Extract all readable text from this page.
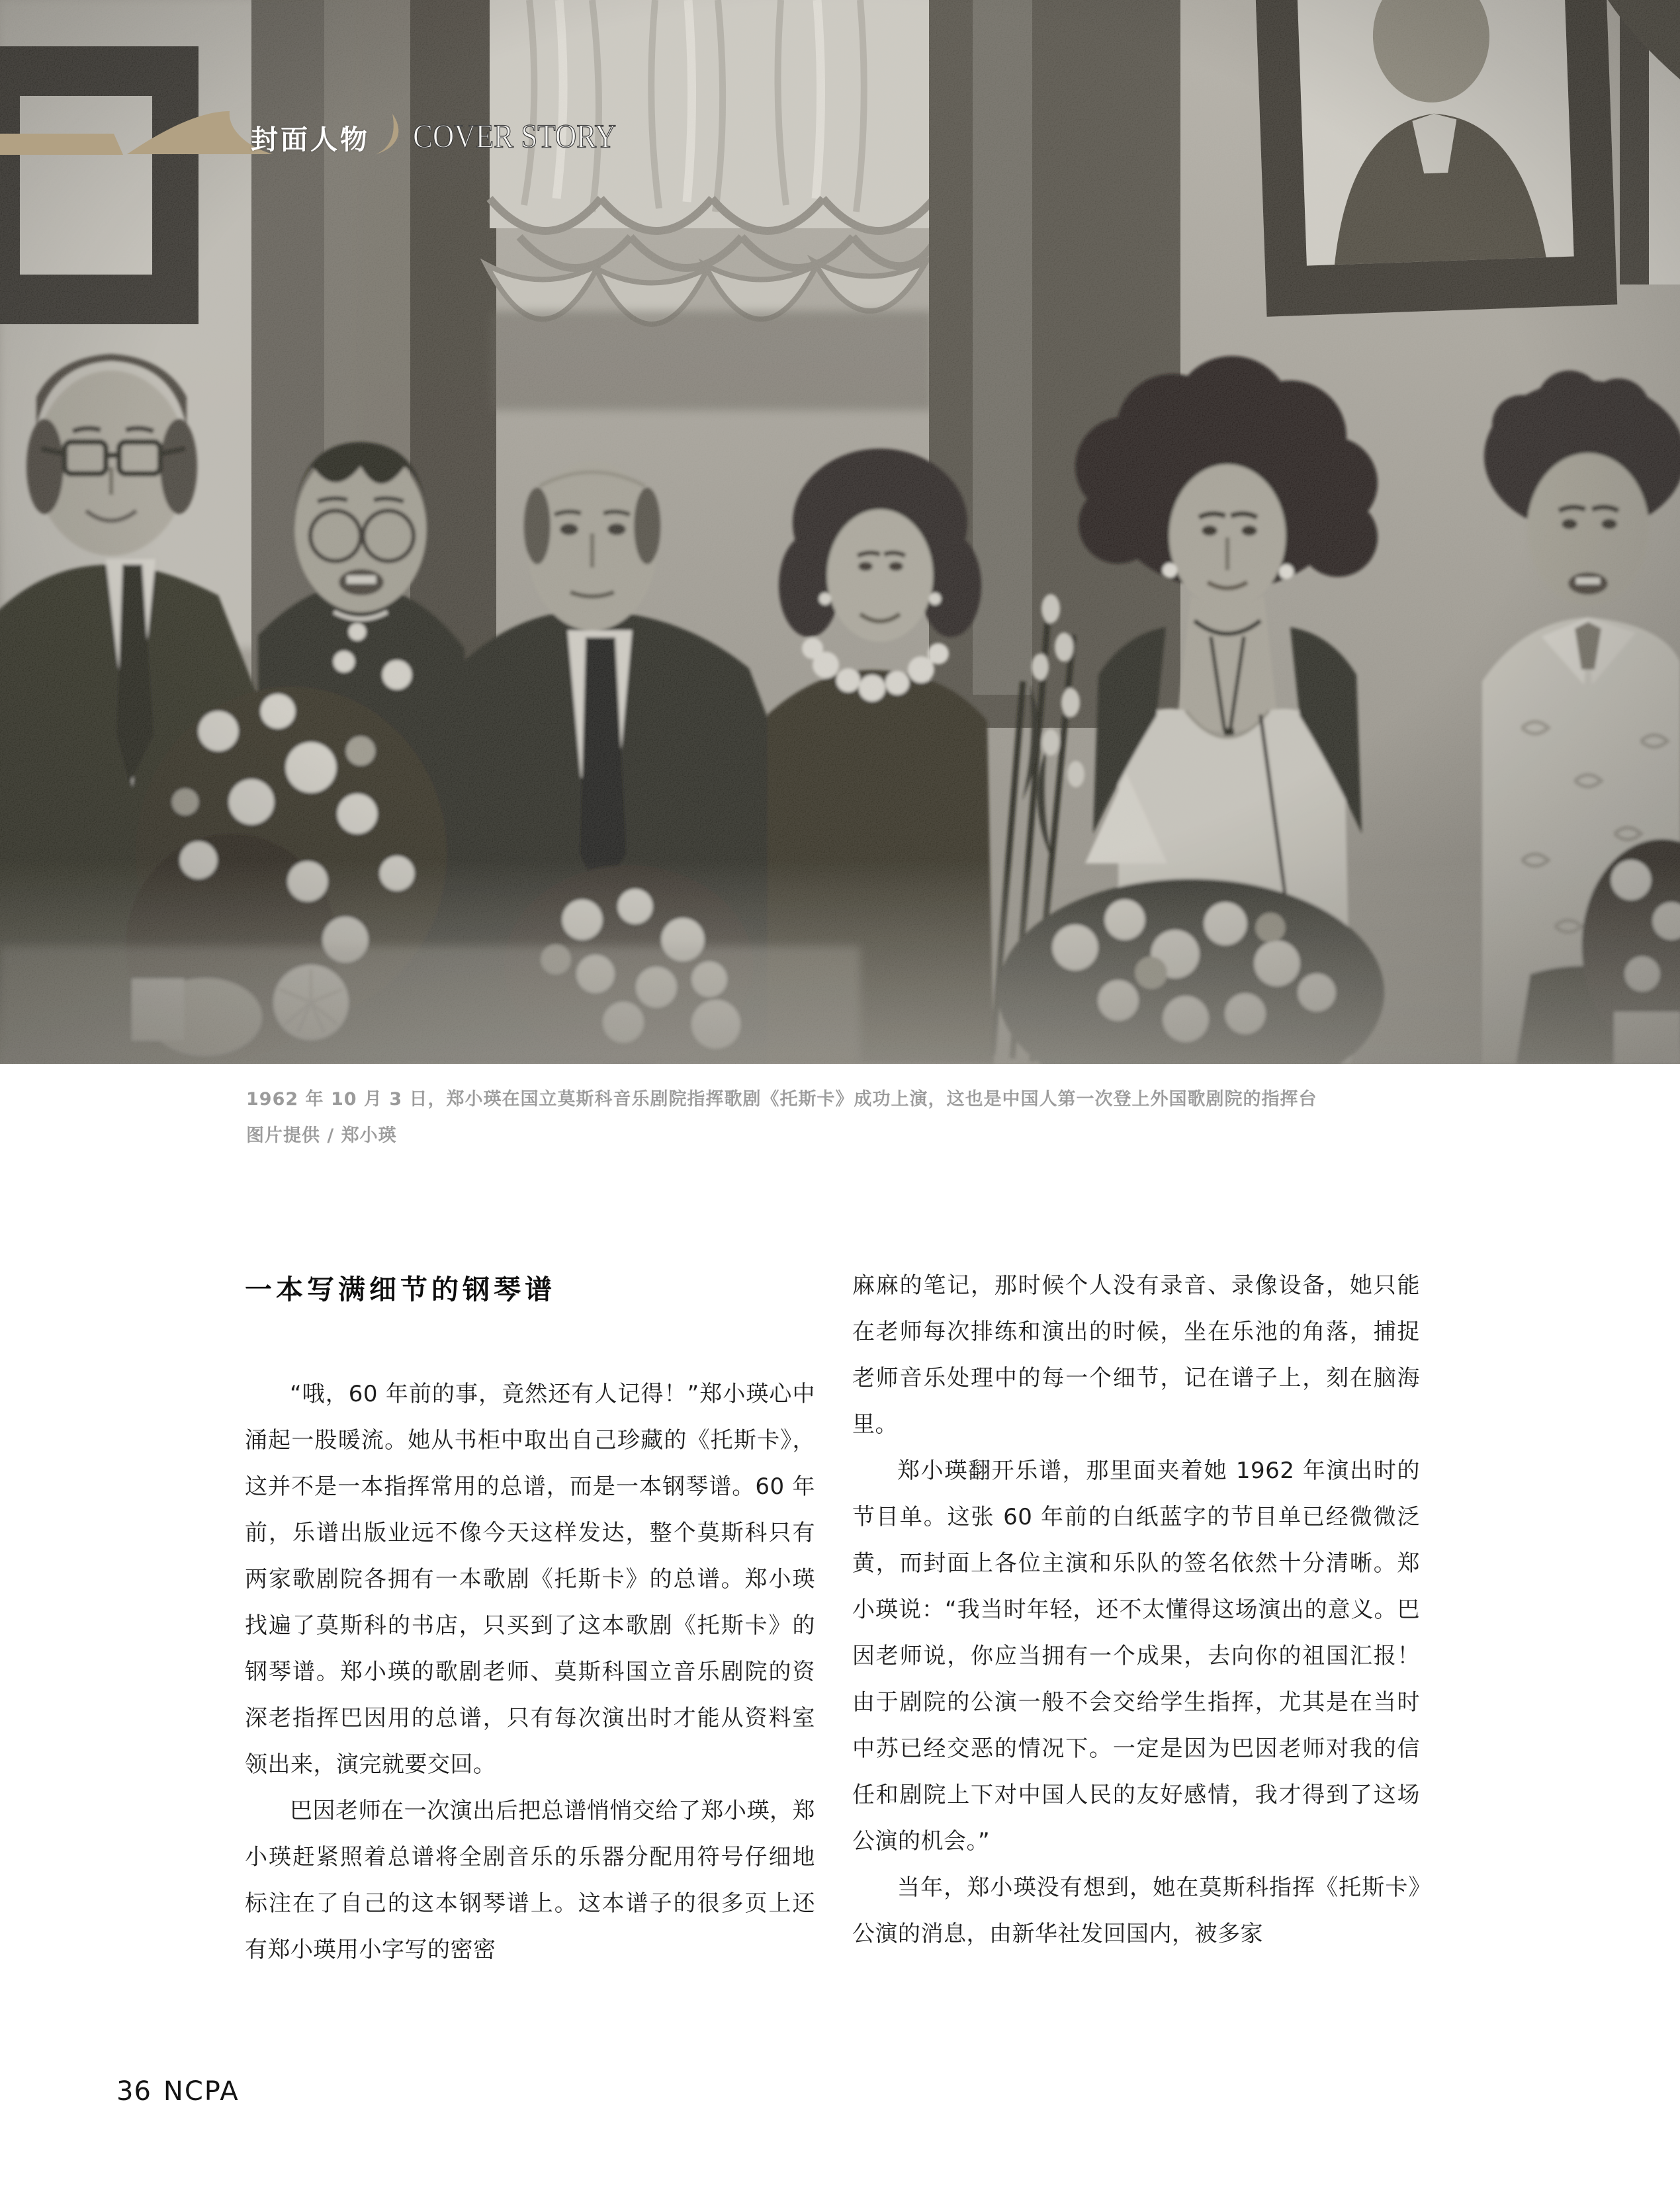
封面人物 COVER STORY

1962 年 10 月 3 日，郑小瑛在国立莫斯科音乐剧院指挥歌剧《托斯卡》成功上演，这也是中国人第一次登上外国歌剧院的指挥台
图片提供 / 郑小瑛

一本写满细节的钢琴谱

“哦，60 年前的事，竟然还有人记得！”郑小瑛心中涌起一股暖流。她从书柜中取出自己珍藏的《托斯卡》，这并不是一本指挥常用的总谱，而是一本钢琴谱。60 年前，乐谱出版业远不像今天这样发达，整个莫斯科只有两家歌剧院各拥有一本歌剧《托斯卡》的总谱。郑小瑛找遍了莫斯科的书店，只买到了这本歌剧《托斯卡》的钢琴谱。郑小瑛的歌剧老师、莫斯科国立音乐剧院的资深老指挥巴因用的总谱，只有每次演出时才能从资料室领出来，演完就要交回。

巴因老师在一次演出后把总谱悄悄交给了郑小瑛，郑小瑛赶紧照着总谱将全剧音乐的乐器分配用符号仔细地标注在了自己的这本钢琴谱上。这本谱子的很多页上还有郑小瑛用小字写的密密

麻麻的笔记，那时候个人没有录音、录像设备，她只能在老师每次排练和演出的时候，坐在乐池的角落，捕捉老师音乐处理中的每一个细节，记在谱子上，刻在脑海里。

郑小瑛翻开乐谱，那里面夹着她 1962 年演出时的节目单。这张 60 年前的白纸蓝字的节目单已经微微泛黄，而封面上各位主演和乐队的签名依然十分清晰。郑小瑛说：“我当时年轻，还不太懂得这场演出的意义。巴因老师说，你应当拥有一个成果，去向你的祖国汇报！由于剧院的公演一般不会交给学生指挥，尤其是在当时中苏已经交恶的情况下。一定是因为巴因老师对我的信任和剧院上下对中国人民的友好感情，我才得到了这场公演的机会。”

当年，郑小瑛没有想到，她在莫斯科指挥《托斯卡》公演的消息，由新华社发回国内，被多家

36 NCPA
